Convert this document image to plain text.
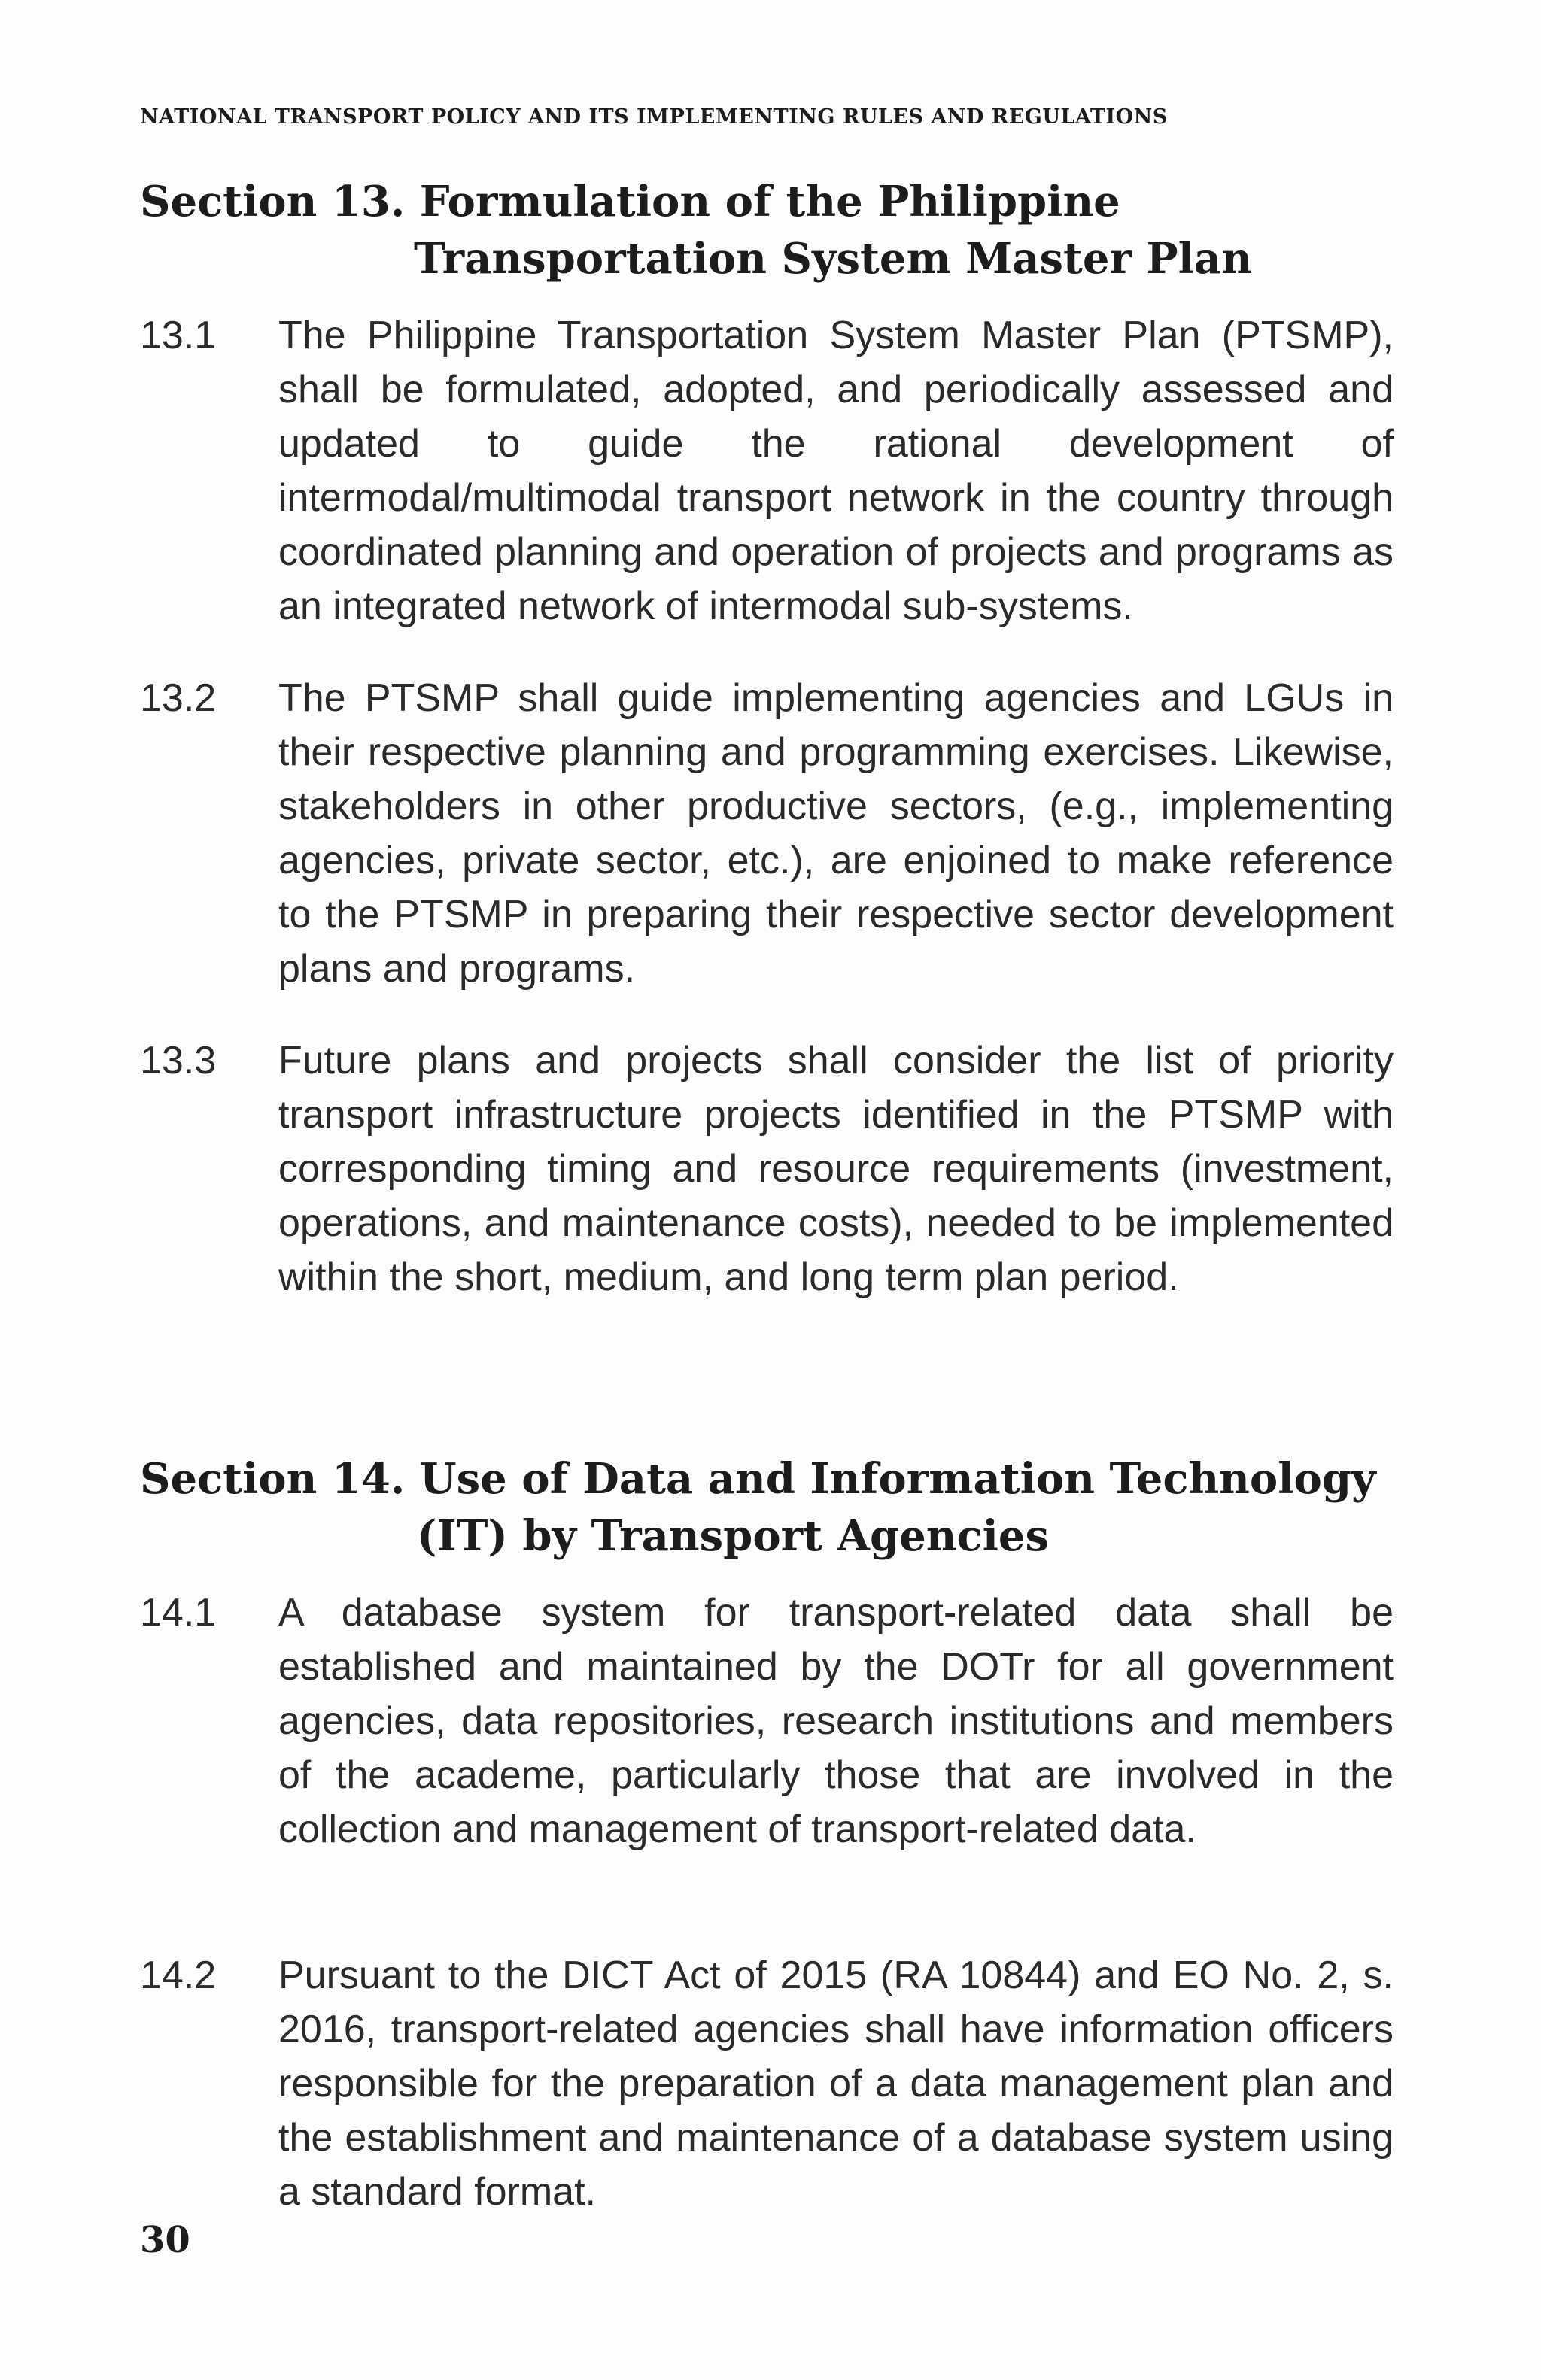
NATIONAL TRANSPORT POLICY AND ITS IMPLEMENTING RULES AND REGULATIONS
Section 13. Formulation of the Philippine
Transportation System Master Plan
13.1	The Philippine Transportation System Master Plan (PTSMP), shall be formulated, adopted, and periodically assessed and updated to guide the rational development of intermodal/multimodal transport network in the country through coordinated planning and operation of projects and programs as an integrated network of intermodal sub-systems.
13.2	The PTSMP shall guide implementing agencies and LGUs in their respective planning and programming exercises. Likewise, stakeholders in other productive sectors, (e.g., implementing agencies, private sector, etc.), are enjoined to make reference to the PTSMP in preparing their respective sector development plans and programs.
13.3	Future plans and projects shall consider the list of priority transport infrastructure projects identified in the PTSMP with corresponding timing and resource requirements (investment, operations, and maintenance costs), needed to be implemented within the short, medium, and long term plan period.
Section 14. Use of Data and Information Technology
(IT) by Transport Agencies
14.1	A database system for transport-related data shall be established and maintained by the DOTr for all government agencies, data repositories, research institutions and members of the academe, particularly those that are involved in the collection and management of transport-related data.
14.2	Pursuant to the DICT Act of 2015 (RA 10844) and EO No. 2, s. 2016, transport-related agencies shall have information officers responsible for the preparation of a data management plan and the establishment and maintenance of a database system using a standard format.
30
